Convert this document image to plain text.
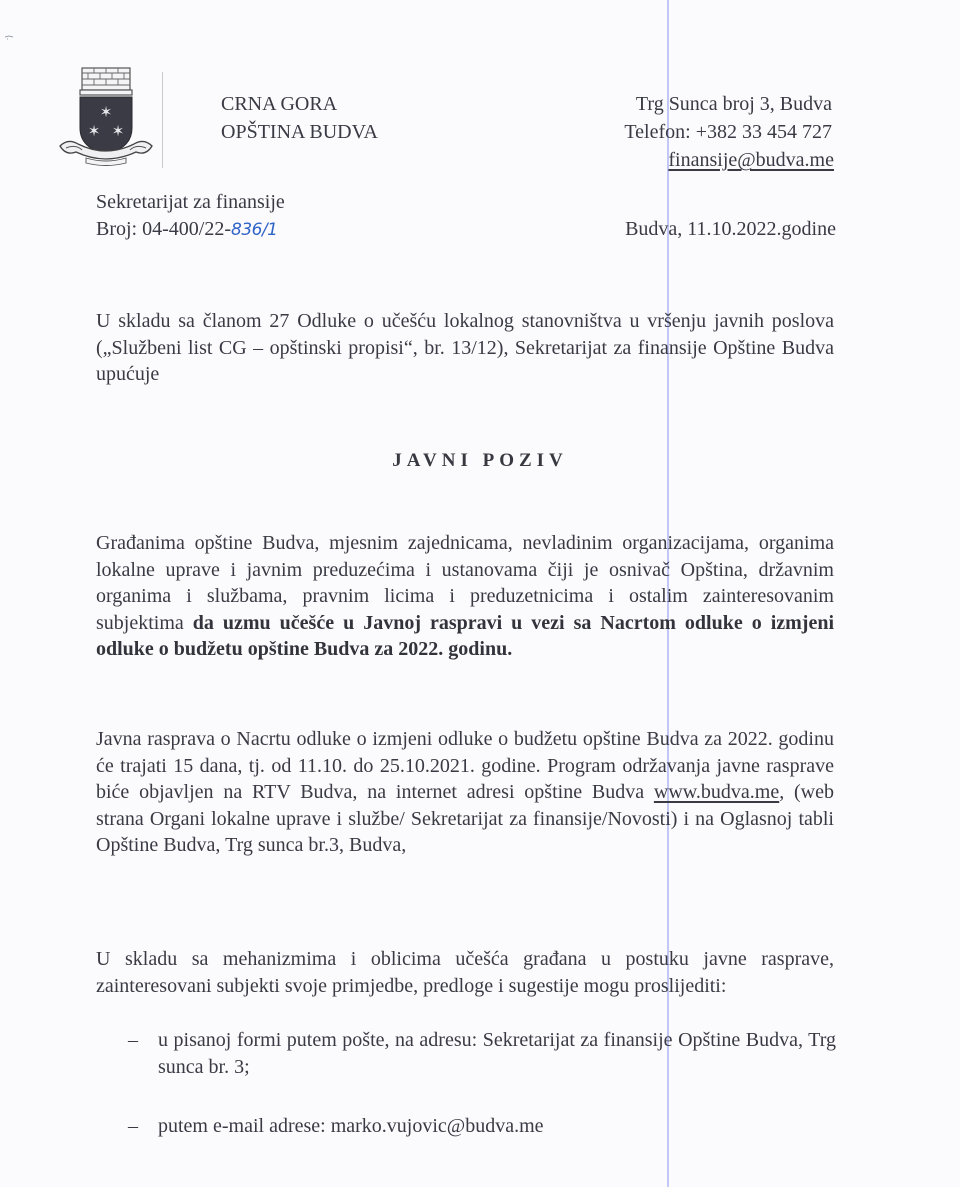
✶
✶ ✶
CRNA GORA
OPŠTINA BUDVA
Trg Sunca broj 3, Budva
Telefon: +382 33 454 727
finansije@budva.me
Sekretarijat za finansije
Broj: 04-400/22-836/1	Budva, 11.10.2022.godine
U skladu sa članom 27 Odluke o učešću lokalnog stanovništva u vršenju javnih poslova („Službeni list CG – opštinski propisi“, br. 13/12), Sekretarijat za finansije Opštine Budva upućuje
JAVNI POZIV
Građanima opštine Budva, mjesnim zajednicama, nevladinim organizacijama, organima lokalne uprave i javnim preduzećima i ustanovama čiji je osnivač Opština, državnim organima i službama, pravnim licima i preduzetnicima i ostalim zainteresovanim subjektima da uzmu učešće u Javnoj raspravi u vezi sa Nacrtom odluke o izmjeni odluke o budžetu opštine Budva za 2022. godinu.
Javna rasprava o Nacrtu odluke o izmjeni odluke o budžetu opštine Budva za 2022. godinu će trajati 15 dana, tj. od 11.10. do 25.10.2021. godine. Program održavanja javne rasprave biće objavljen na RTV Budva, na internet adresi opštine Budva www.budva.me, (web strana Organi lokalne uprave i službe/ Sekretarijat za finansije/Novosti) i na Oglasnoj tabli Opštine Budva, Trg sunca br.3, Budva,
U skladu sa mehanizmima i oblicima učešća građana u postuku javne rasprave, zainteresovani subjekti svoje primjedbe, predloge i sugestije mogu proslijediti:
– u pisanoj formi putem pošte, na adresu: Sekretarijat za finansije Opštine Budva, Trg sunca br. 3;
– putem e-mail adrese: marko.vujovic@budva.me
